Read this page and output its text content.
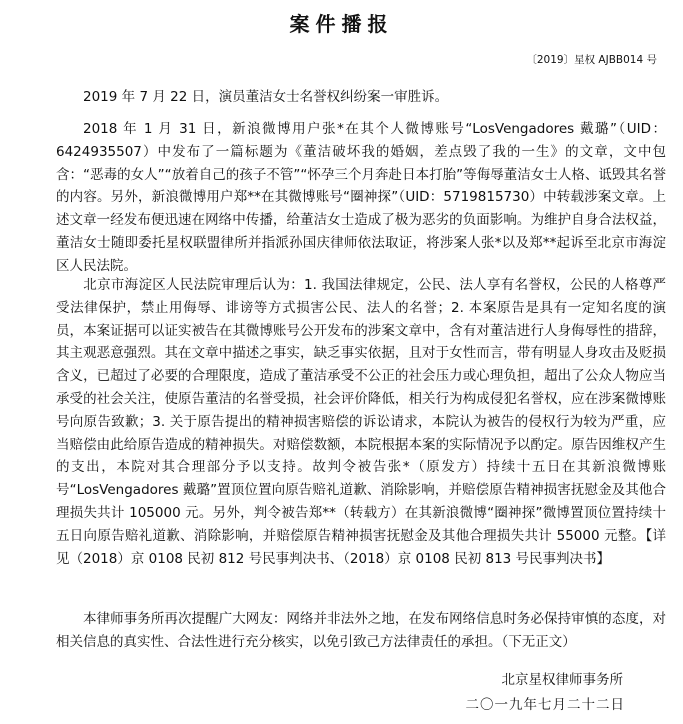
案件播报
〔2019〕星权 AJBB014 号

2019 年 7 月 22 日，演员董洁女士名誉权纠纷案一审胜诉。

2018 年 1 月 31 日，新浪微博用户张*在其个人微博账号“LosVengadores 戴璐”（UID：6424935507）中发布了一篇标题为《董洁破坏我的婚姻，差点毁了我的一生》的文章，文中包含：“恶毒的女人”“放着自己的孩子不管”“怀孕三个月奔赴日本打胎”等侮辱董洁女士人格、诋毁其名誉的内容。另外，新浪微博用户郑**在其微博账号“圈神探”（UID：5719815730）中转载涉案文章。上述文章一经发布便迅速在网络中传播，给董洁女士造成了极为恶劣的负面影响。为维护自身合法权益，董洁女士随即委托星权联盟律所并指派孙国庆律师依法取证，将涉案人张*以及郑**起诉至北京市海淀区人民法院。

北京市海淀区人民法院审理后认为：1. 我国法律规定，公民、法人享有名誉权，公民的人格尊严受法律保护，禁止用侮辱、诽谤等方式损害公民、法人的名誉；2. 本案原告是具有一定知名度的演员，本案证据可以证实被告在其微博账号公开发布的涉案文章中，含有对董洁进行人身侮辱性的措辞，其主观恶意强烈。其在文章中描述之事实，缺乏事实依据，且对于女性而言，带有明显人身攻击及贬损含义，已超过了必要的合理限度，造成了董洁承受不公正的社会压力或心理负担，超出了公众人物应当承受的社会关注，使原告董洁的名誉受损，社会评价降低，相关行为构成侵犯名誉权，应在涉案微博账号向原告致歉；3. 关于原告提出的精神损害赔偿的诉讼请求，本院认为被告的侵权行为较为严重，应当赔偿由此给原告造成的精神损失。对赔偿数额，本院根据本案的实际情况予以酌定。原告因维权产生的支出，本院对其合理部分予以支持。故判令被告张*（原发方）持续十五日在其新浪微博账号“LosVengadores 戴璐”置顶位置向原告赔礼道歉、消除影响，并赔偿原告精神损害抚慰金及其他合理损失共计 105000 元。另外，判令被告郑**（转载方）在其新浪微博“圈神探”微博置顶位置持续十五日向原告赔礼道歉、消除影响，并赔偿原告精神损害抚慰金及其他合理损失共计 55000 元整。【详见（2018）京 0108 民初 812 号民事判决书、（2018）京 0108 民初 813 号民事判决书】

本律师事务所再次提醒广大网友：网络并非法外之地，在发布网络信息时务必保持审慎的态度，对相关信息的真实性、合法性进行充分核实，以免引致己方法律责任的承担。（下无正文）

北京星权律师事务所
二〇一九年七月二十二日
